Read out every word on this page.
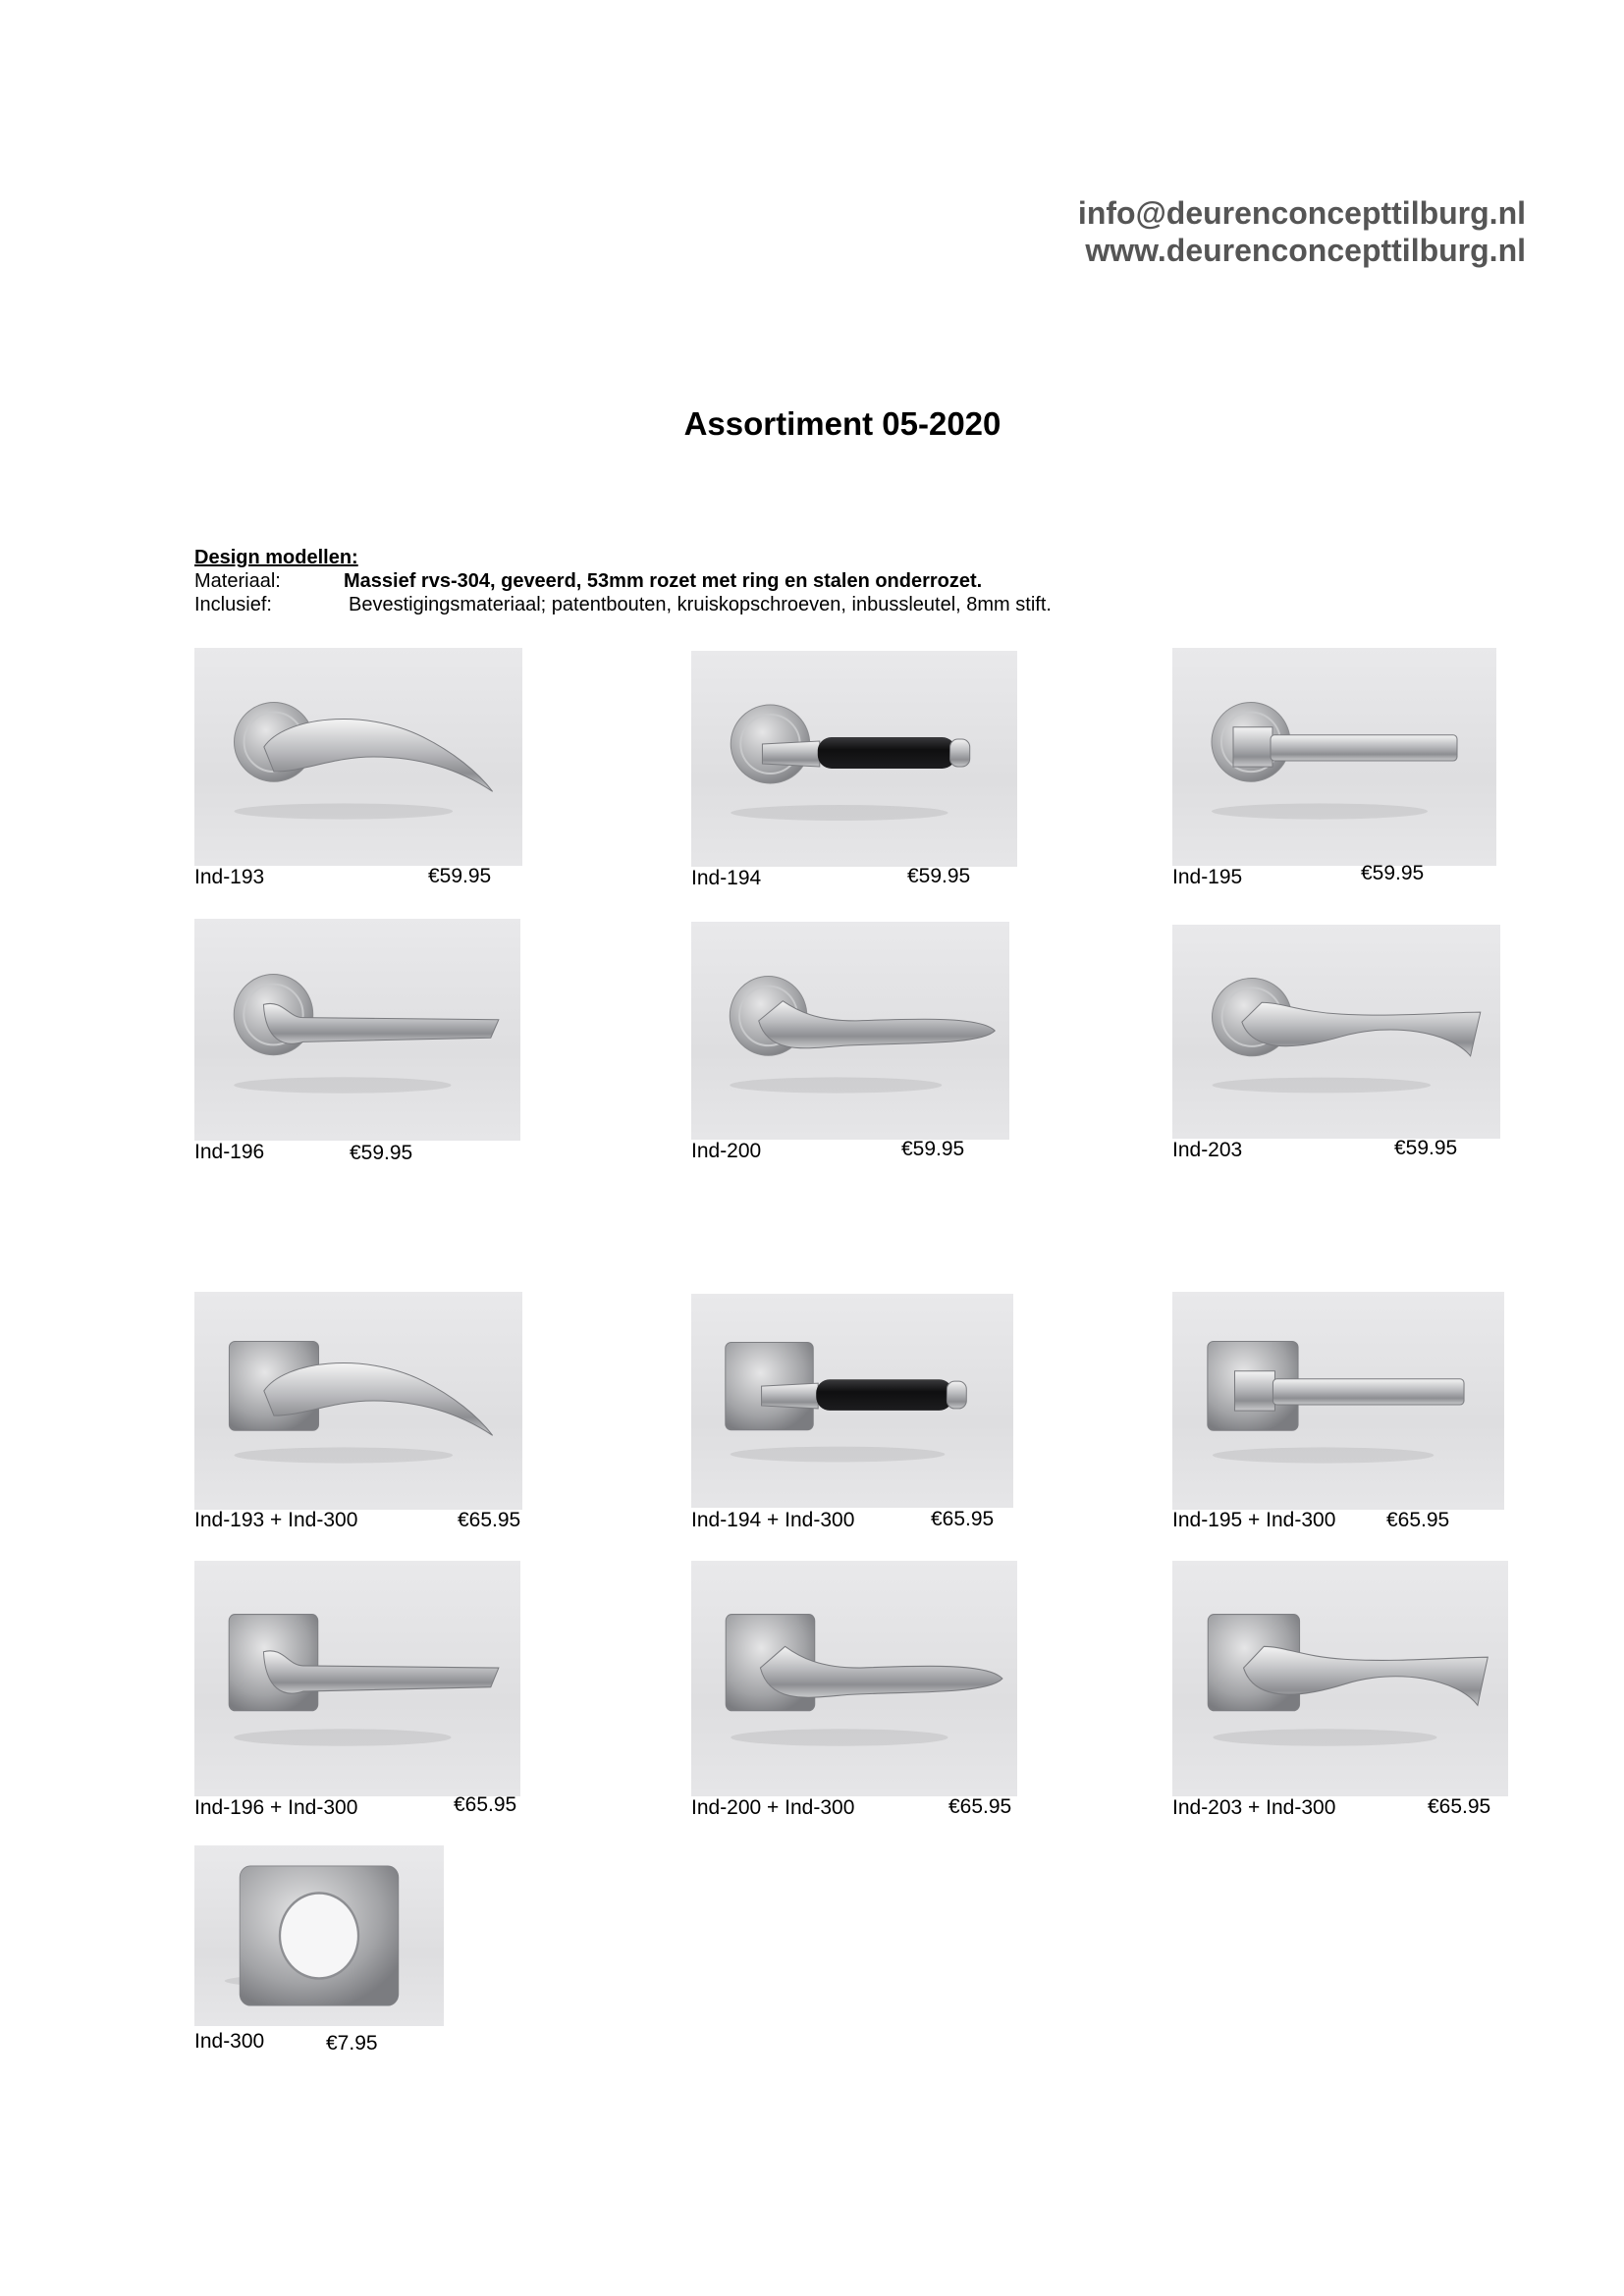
info@deurenconcepttilburg.nl
www.deurenconcepttilburg.nl
Assortiment 05-2020
Design modellen:
Materiaal:	Massief rvs-304, geveerd, 53mm rozet met ring en stalen onderrozet.
Inclusief:	Bevestigingsmateriaal; patentbouten, kruiskopschroeven, inbussleutel, 8mm stift.
Ind-193	€59.95	Ind-194	€59.95	Ind-195	€59.95
Ind-196	€59.95	Ind-200	€59.95	Ind-203	€59.95
Ind-193 + Ind-300	€65.95	Ind-194 + Ind-300	€65.95	Ind-195 + Ind-300 €65.95
Ind-196 + Ind-300	€65.95	Ind-200 + Ind-300	€65.95	Ind-203 + Ind-300	€65.95
Ind-300	€7.95
